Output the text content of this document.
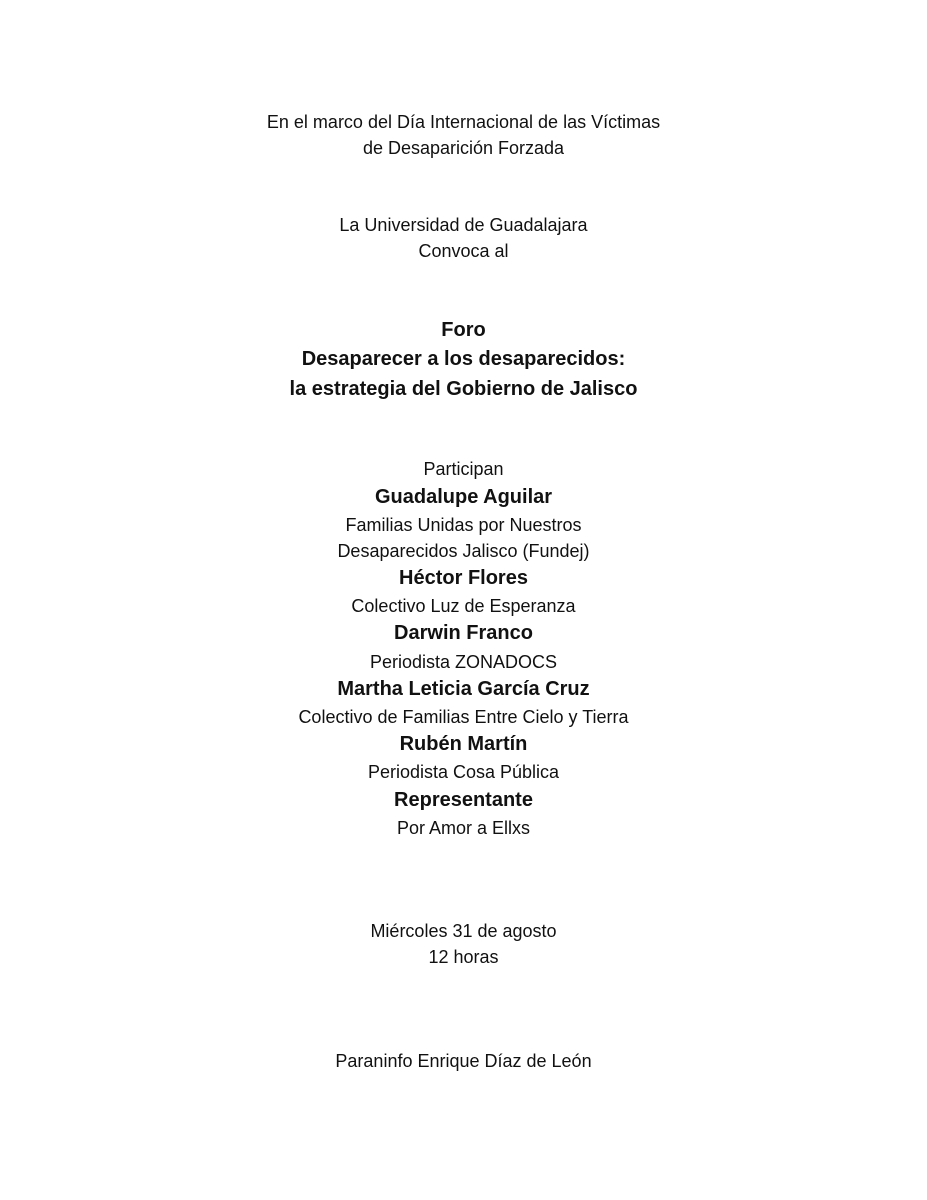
En el marco del Día Internacional de las Víctimas
de Desaparición Forzada
La Universidad de Guadalajara
Convoca al
Foro
Desaparecer a los desaparecidos:
la estrategia del Gobierno de Jalisco
Participan
Guadalupe Aguilar
Familias Unidas por Nuestros
Desaparecidos Jalisco (Fundej)
Héctor Flores
Colectivo Luz de Esperanza
Darwin Franco
Periodista ZONADOCS
Martha Leticia García Cruz
Colectivo de Familias Entre Cielo y Tierra
Rubén Martín
Periodista Cosa Pública
Representante
Por Amor a Ellxs
Miércoles 31 de agosto
12 horas
Paraninfo Enrique Díaz de León
